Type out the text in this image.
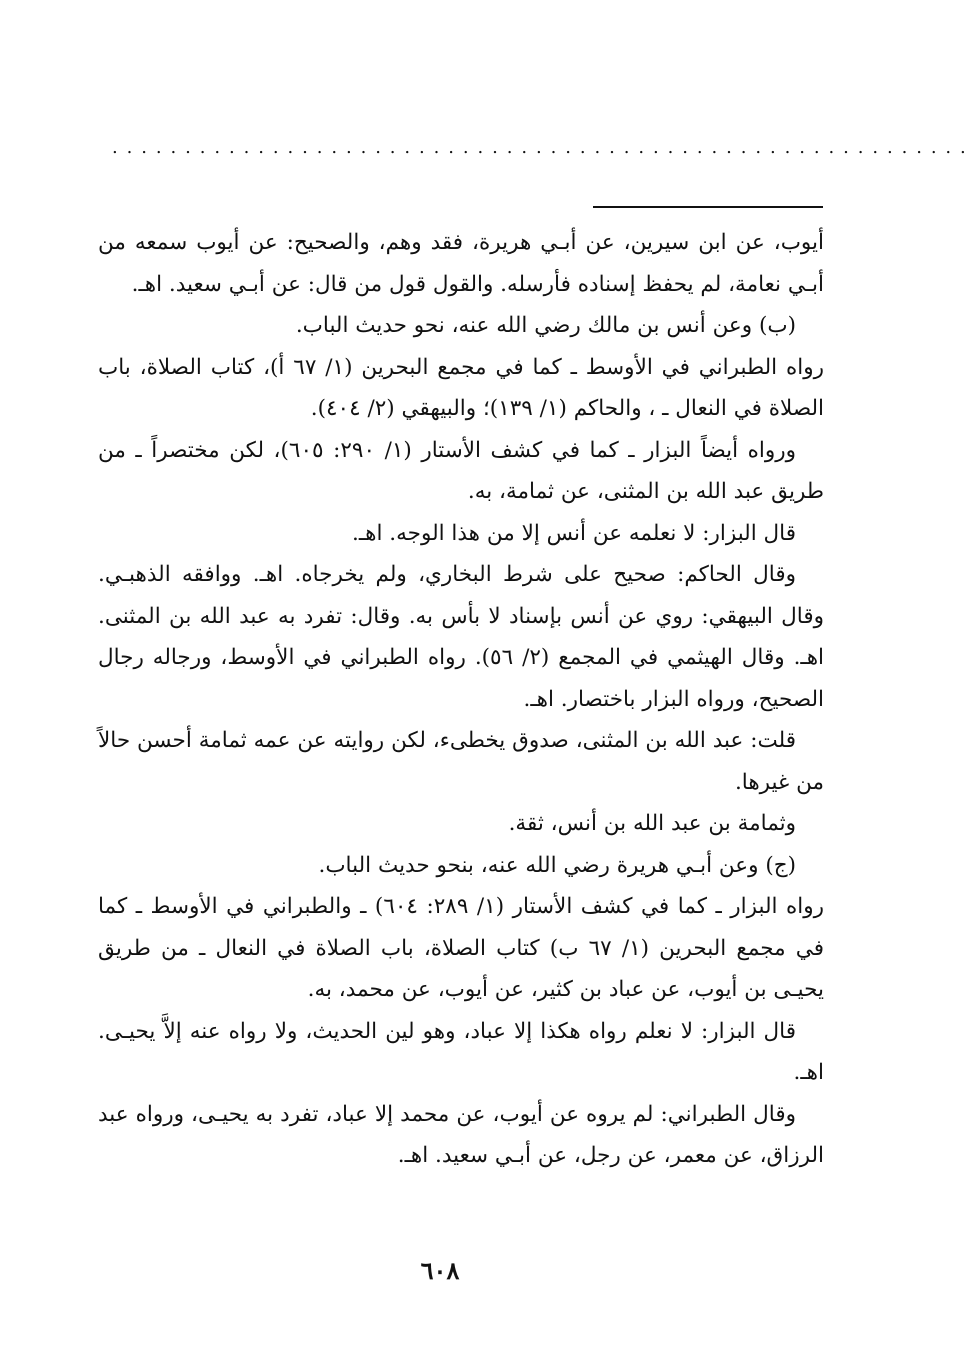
...........................................................

أيوب، عن ابن سيرين، عن أبـي هريرة، فقد وهم، والصحيح: عن أيوب سمعه من أبـي نعامة، لم يحفظ إسناده فأرسله. والقول قول من قال: عن أبـي سعيد. اهـ.

(ب) وعن أنس بن مالك رضي الله عنه، نحو حديث الباب.

رواه الطبراني في الأوسط ـ كما في مجمع البحرين (١/ ٦٧ أ)، كتاب الصلاة، باب الصلاة في النعال ـ ، والحاكم (١/ ١٣٩)؛ والبيهقي (٢/ ٤٠٤).

ورواه أيضاً البزار ـ كما في كشف الأستار (١/ ٢٩٠: ٦٠٥)، لكن مختصراً ـ من طريق عبد الله بن المثنى، عن ثمامة، به.

قال البزار: لا نعلمه عن أنس إلا من هذا الوجه. اهـ.

وقال الحاكم: صحيح على شرط البخاري، ولم يخرجاه. اهـ. ووافقه الذهبـي. وقال البيهقي: روي عن أنس بإسناد لا بأس به. وقال: تفرد به عبد الله بن المثنى. اهـ. وقال الهيثمي في المجمع (٢/ ٥٦). رواه الطبراني في الأوسط، ورجاله رجال الصحيح، ورواه البزار باختصار. اهـ.

قلت: عبد الله بن المثنى، صدوق يخطىء، لكن روايته عن عمه ثمامة أحسن حالاً من غيرها.

وثمامة بن عبد الله بن أنس، ثقة.

(ج) وعن أبـي هريرة رضي الله عنه، بنحو حديث الباب.

رواه البزار ـ كما في كشف الأستار (١/ ٢٨٩: ٦٠٤) ـ والطبراني في الأوسط ـ كما في مجمع البحرين (١/ ٦٧ ب) كتاب الصلاة، باب الصلاة في النعال ـ من طريق يحيـى بن أيوب، عن عباد بن كثير، عن أيوب، عن محمد، به.

قال البزار: لا نعلم رواه هكذا إلا عباد، وهو لين الحديث، ولا رواه عنه إلاَّ يحيـى. اهـ.

وقال الطبراني: لم يروه عن أيوب، عن محمد إلا عباد، تفرد به يحيـى، ورواه عبد الرزاق، عن معمر، عن رجل، عن أبـي سعيد. اهـ.

٦٠٨
